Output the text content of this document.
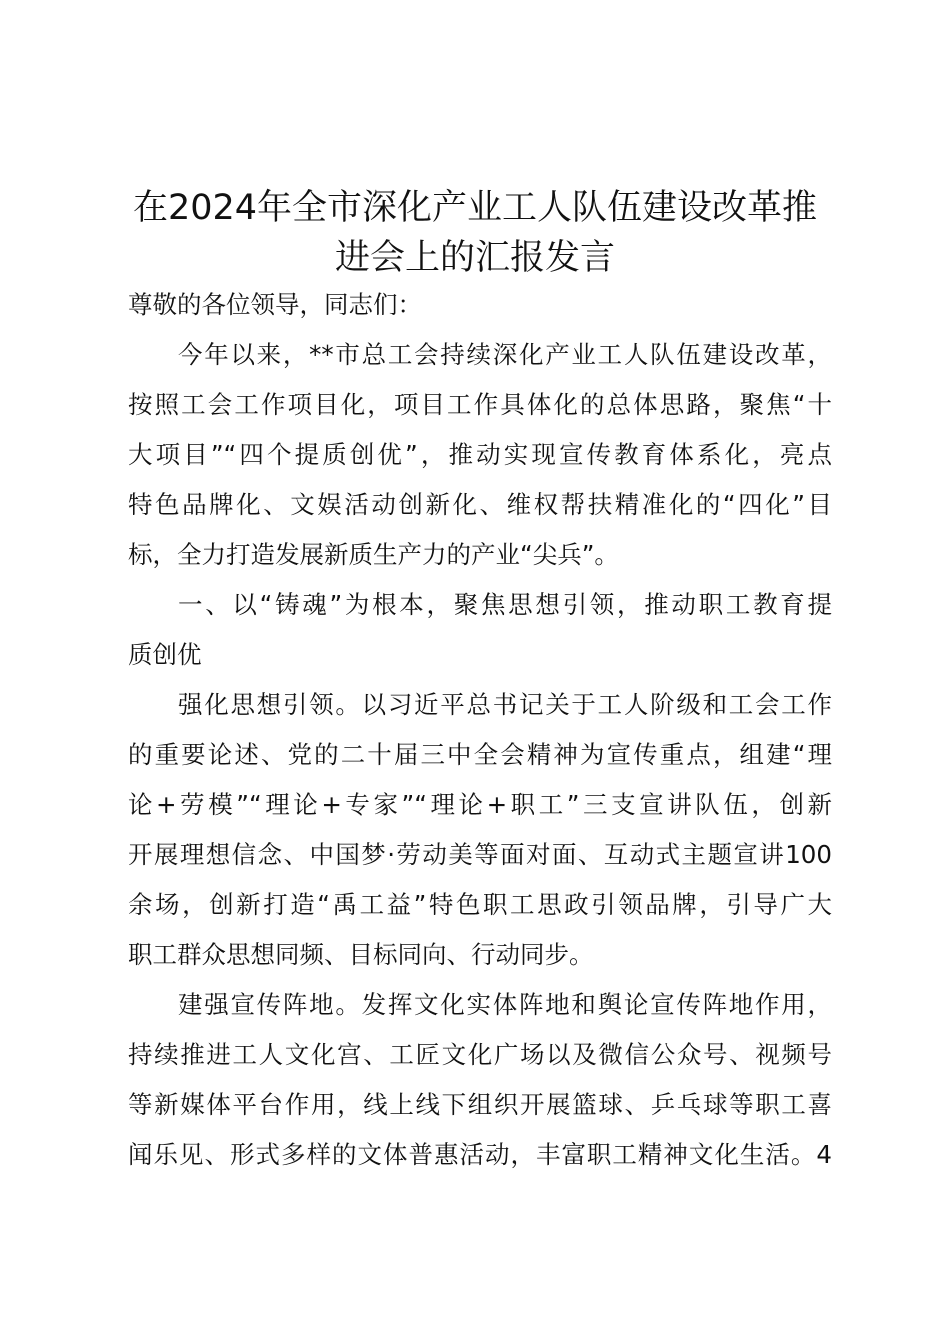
在2024年全市深化产业工人队伍建设改革推
进会上的汇报发言
尊敬的各位领导，同志们：
今年以来，**市总工会持续深化产业工人队伍建设改革，
按照工会工作项目化，项目工作具体化的总体思路，聚焦“十
大项目”“四个提质创优”，推动实现宣传教育体系化，亮点
特色品牌化、文娱活动创新化、维权帮扶精准化的“四化”目
标，全力打造发展新质生产力的产业“尖兵”。
一、以“铸魂”为根本，聚焦思想引领，推动职工教育提
质创优
强化思想引领。以习近平总书记关于工人阶级和工会工作
的重要论述、党的二十届三中全会精神为宣传重点，组建“理
论+劳模”“理论+专家”“理论+职工”三支宣讲队伍，创新
开展理想信念、中国梦·劳动美等面对面、互动式主题宣讲100
余场，创新打造“禹工益”特色职工思政引领品牌，引导广大
职工群众思想同频、目标同向、行动同步。
建强宣传阵地。发挥文化实体阵地和舆论宣传阵地作用，
持续推进工人文化宫、工匠文化广场以及微信公众号、视频号
等新媒体平台作用，线上线下组织开展篮球、乒乓球等职工喜
闻乐见、形式多样的文体普惠活动，丰富职工精神文化生活。4
